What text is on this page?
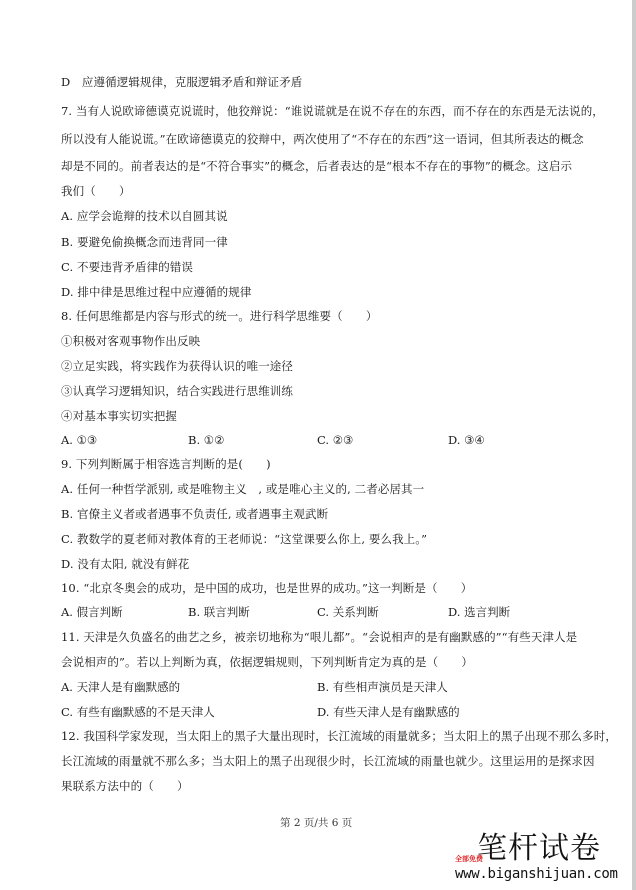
D　应遵循逻辑规律，克服逻辑矛盾和辩证矛盾
7. 当有人说欧谛德谟克说谎时，他狡辩说：“谁说谎就是在说不存在的东西，而不存在的东西是无法说的，
所以没有人能说谎。”在欧谛德谟克的狡辩中，两次使用了“不存在的东西”这一语词，但其所表达的概念
却是不同的。前者表达的是“不符合事实”的概念，后者表达的是“根本不存在的事物”的概念。这启示
我们（　　）
A. 应学会诡辩的技术以自圆其说
B. 要避免偷换概念而违背同一律
C. 不要违背矛盾律的错误
D. 排中律是思维过程中应遵循的规律
8. 任何思维都是内容与形式的统一。进行科学思维要（　　）
①积极对客观事物作出反映
②立足实践，将实践作为获得认识的唯一途径
③认真学习逻辑知识，结合实践进行思维训练
④对基本事实切实把握
A. ①③	B. ①②	C. ②③	D. ③④
9. 下列判断属于相容选言判断的是(　　)
A. 任何一种哲学派别, 或是唯物主义　, 或是唯心主义的, 二者必居其一
B. 官僚主义者或者遇事不负责任, 或者遇事主观武断
C. 教数学的夏老师对教体育的王老师说：“这堂课要么你上, 要么我上。”
D. 没有太阳, 就没有鲜花
10. “北京冬奥会的成功，是中国的成功，也是世界的成功。”这一判断是（　　）
A. 假言判断	B. 联言判断	C. 关系判断	D. 选言判断
11. 天津是久负盛名的曲艺之乡，被亲切地称为“哏儿都”。“会说相声的是有幽默感的”“有些天津人是
会说相声的”。若以上判断为真，依据逻辑规则，下列判断肯定为真的是（　　）
A. 天津人是有幽默感的	B. 有些相声演员是天津人
C. 有些有幽默感的不是天津人	D. 有些天津人是有幽默感的
12. 我国科学家发现，当太阳上的黑子大量出现时，长江流域的雨量就多；当太阳上的黑子出现不那么多时，
长江流域的雨量就不那么多；当太阳上的黑子出现很少时，长江流域的雨量也就少。这里运用的是探求因
果联系方法中的（　　）
第 2 页/共 6 页
笔杆试卷
全部免费
www.biganshijuan.com
